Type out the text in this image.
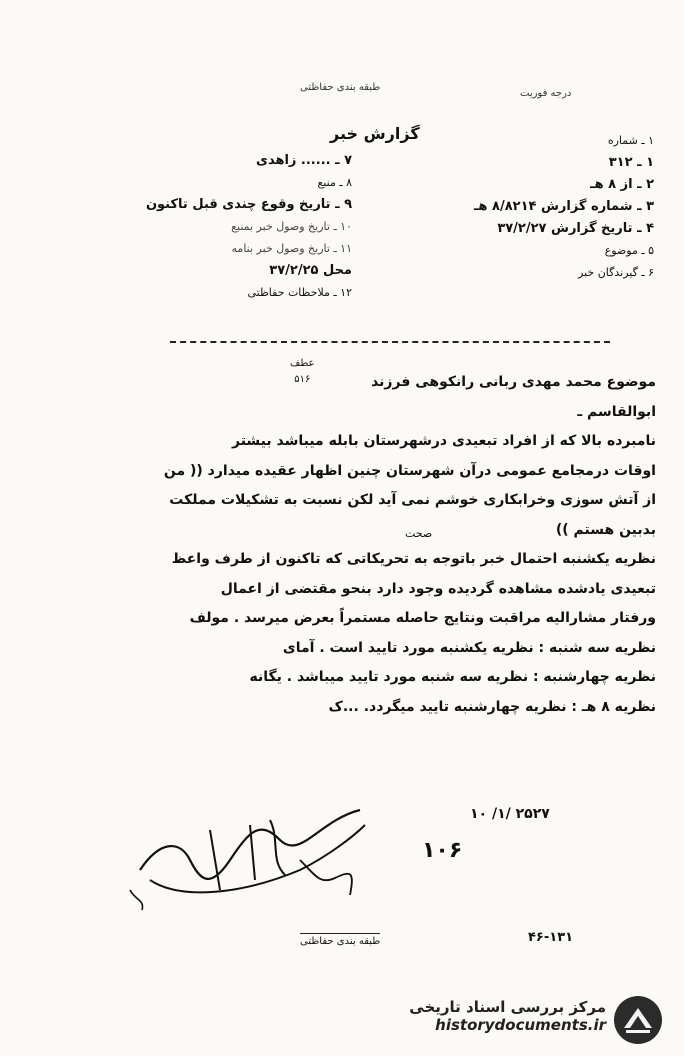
درجه فوریت
طبقه بندی حفاظتی
گزارش خبر
۷ ـ ...... زاهدی
۸ ـ منبع
۹ ـ تاریخ وقوع چندی قبل تاکنون
۱۰ ـ تاریخ وصول خبر بمنبع
۱۱ ـ تاریخ وصول خبر بنامه
محل ۳۷/۲/۲۵
۱۲ ـ ملاحظات حفاظتی
۱ ـ شماره
۱ ـ ۳۱۲
۲ ـ از ۸ هـ
۳ ـ شماره گزارش ۸/۸۲۱۴ هـ
۴ ـ تاریخ گزارش ۳۷/۲/۲۷
۵ ـ موضوع
۶ ـ گیرندگان خبر
عطف
۵۱۶	موضوع محمد مهدی ربانی رانکوهی فرزند
ابوالقاسم ـ
نامبرده بالا که از افراد تبعیدی درشهرستان بابله میباشد بیشتر
اوقات درمجامع عمومی درآن شهرستان چنین اظهار عقیده میدارد (( من
از آتش سوزی وخرابکاری خوشم نمی آید لکن نسبت به تشکیلات مملکت
بدبین هستم ))
نظریه یکشنبه احتمال خبر باتوجه به تحریکاتی که تاکنون از طرف واعظ
تبعیدی یادشده مشاهده گردیده وجود دارد بنحو مقتضی از اعمال
ورفتار مشارالیه مراقبت ونتایج حاصله مستمراً بعرض میرسد . مولف
نظریه سه شنبه : نظریه یکشنبه مورد تایید است . آمای
نظریه چهارشنبه : نظریه سه شنبه مورد تایید میباشد . یگانه
نظریه ۸ هـ : نظریه چهارشنبه تایید میگردد. ...ک
صحت
۲۵۲۷ /۱/ ۱۰
۱۰۶
۴۶-۱۳۱
طبقه بندی حفاظتی
مرکز بررسی اسناد تاریخی
historydocuments.ir
